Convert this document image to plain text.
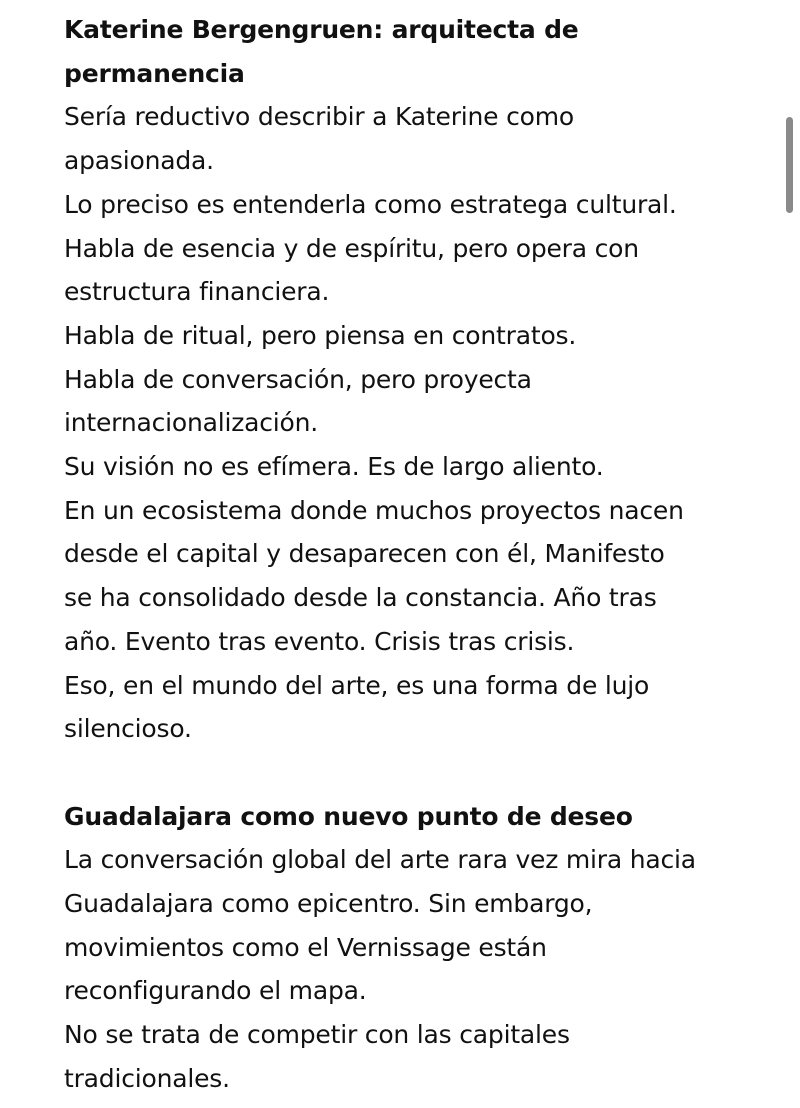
Katerine Bergengruen: arquitecta de
permanencia
Sería reductivo describir a Katerine como
apasionada.
Lo preciso es entenderla como estratega cultural.
Habla de esencia y de espíritu, pero opera con
estructura financiera.
Habla de ritual, pero piensa en contratos.
Habla de conversación, pero proyecta
internacionalización.
Su visión no es efímera. Es de largo aliento.
En un ecosistema donde muchos proyectos nacen
desde el capital y desaparecen con él, Manifesto
se ha consolidado desde la constancia. Año tras
año. Evento tras evento. Crisis tras crisis.
Eso, en el mundo del arte, es una forma de lujo
silencioso.
Guadalajara como nuevo punto de deseo
La conversación global del arte rara vez mira hacia
Guadalajara como epicentro. Sin embargo,
movimientos como el Vernissage están
reconfigurando el mapa.
No se trata de competir con las capitales
tradicionales.
